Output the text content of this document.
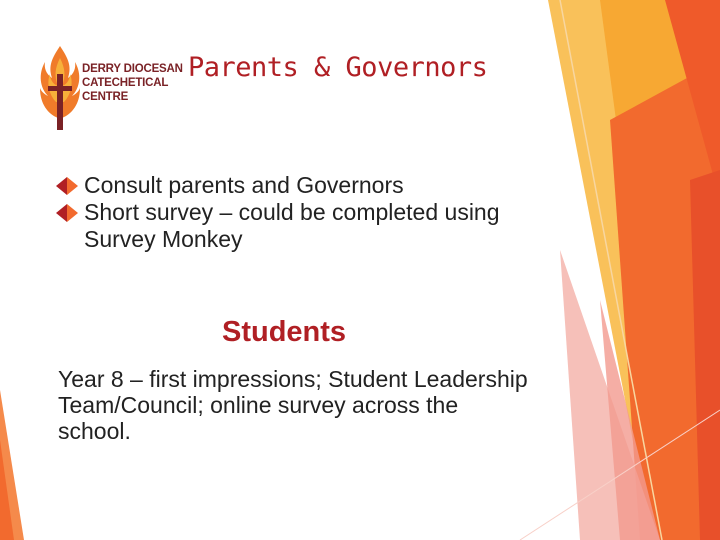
DERRY DIOCESAN
CATECHETICAL
CENTRE
Parents & Governors
Consult parents and Governors
Short survey – could be completed using Survey Monkey
Students
Year 8 – first impressions; Student Leadership Team/Council; online survey across the school.
